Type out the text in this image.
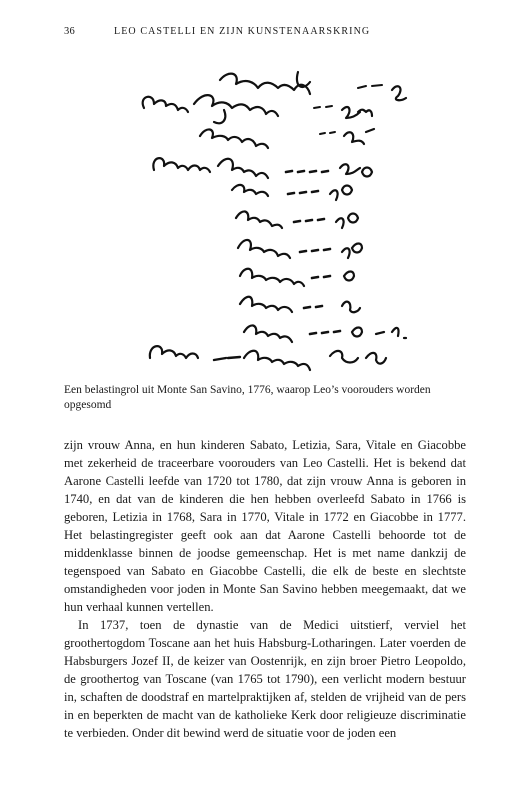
36	LEO CASTELLI EN ZIJN KUNSTENAARSKRING
Een belastingrol uit Monte San Savino, 1776, waarop Leo’s voorouders worden opgesomd

zijn vrouw Anna, en hun kinderen Sabato, Letizia, Sara, Vitale en Giacobbe met zekerheid de traceerbare voorouders van Leo Castelli. Het is bekend dat Aarone Castelli leefde van 1720 tot 1780, dat zijn vrouw Anna is geboren in 1740, en dat van de kinderen die hen hebben overleefd Sabato in 1766 is geboren, Letizia in 1768, Sara in 1770, Vitale in 1772 en Giacobbe in 1777. Het belastingregister geeft ook aan dat Aarone Castelli behoorde tot de middenklasse binnen de joodse gemeenschap. Het is met name dankzij de tegenspoed van Sabato en Giacobbe Castelli, die elk de beste en slechtste omstandigheden voor joden in Monte San Savino hebben meegemaakt, dat we hun verhaal kunnen vertellen.

In 1737, toen de dynastie van de Medici uitstierf, verviel het groothertogdom Toscane aan het huis Habsburg-Lotharingen. Later voerden de Habsburgers Jozef II, de keizer van Oostenrijk, en zijn broer Pietro Leopoldo, de groothertog van Toscane (van 1765 tot 1790), een verlicht modern bestuur in, schaften de doodstraf en martelpraktijken af, stelden de vrijheid van de pers in en beperkten de macht van de katholieke Kerk door religieuze discriminatie te verbieden. Onder dit bewind werd de situatie voor de joden een
